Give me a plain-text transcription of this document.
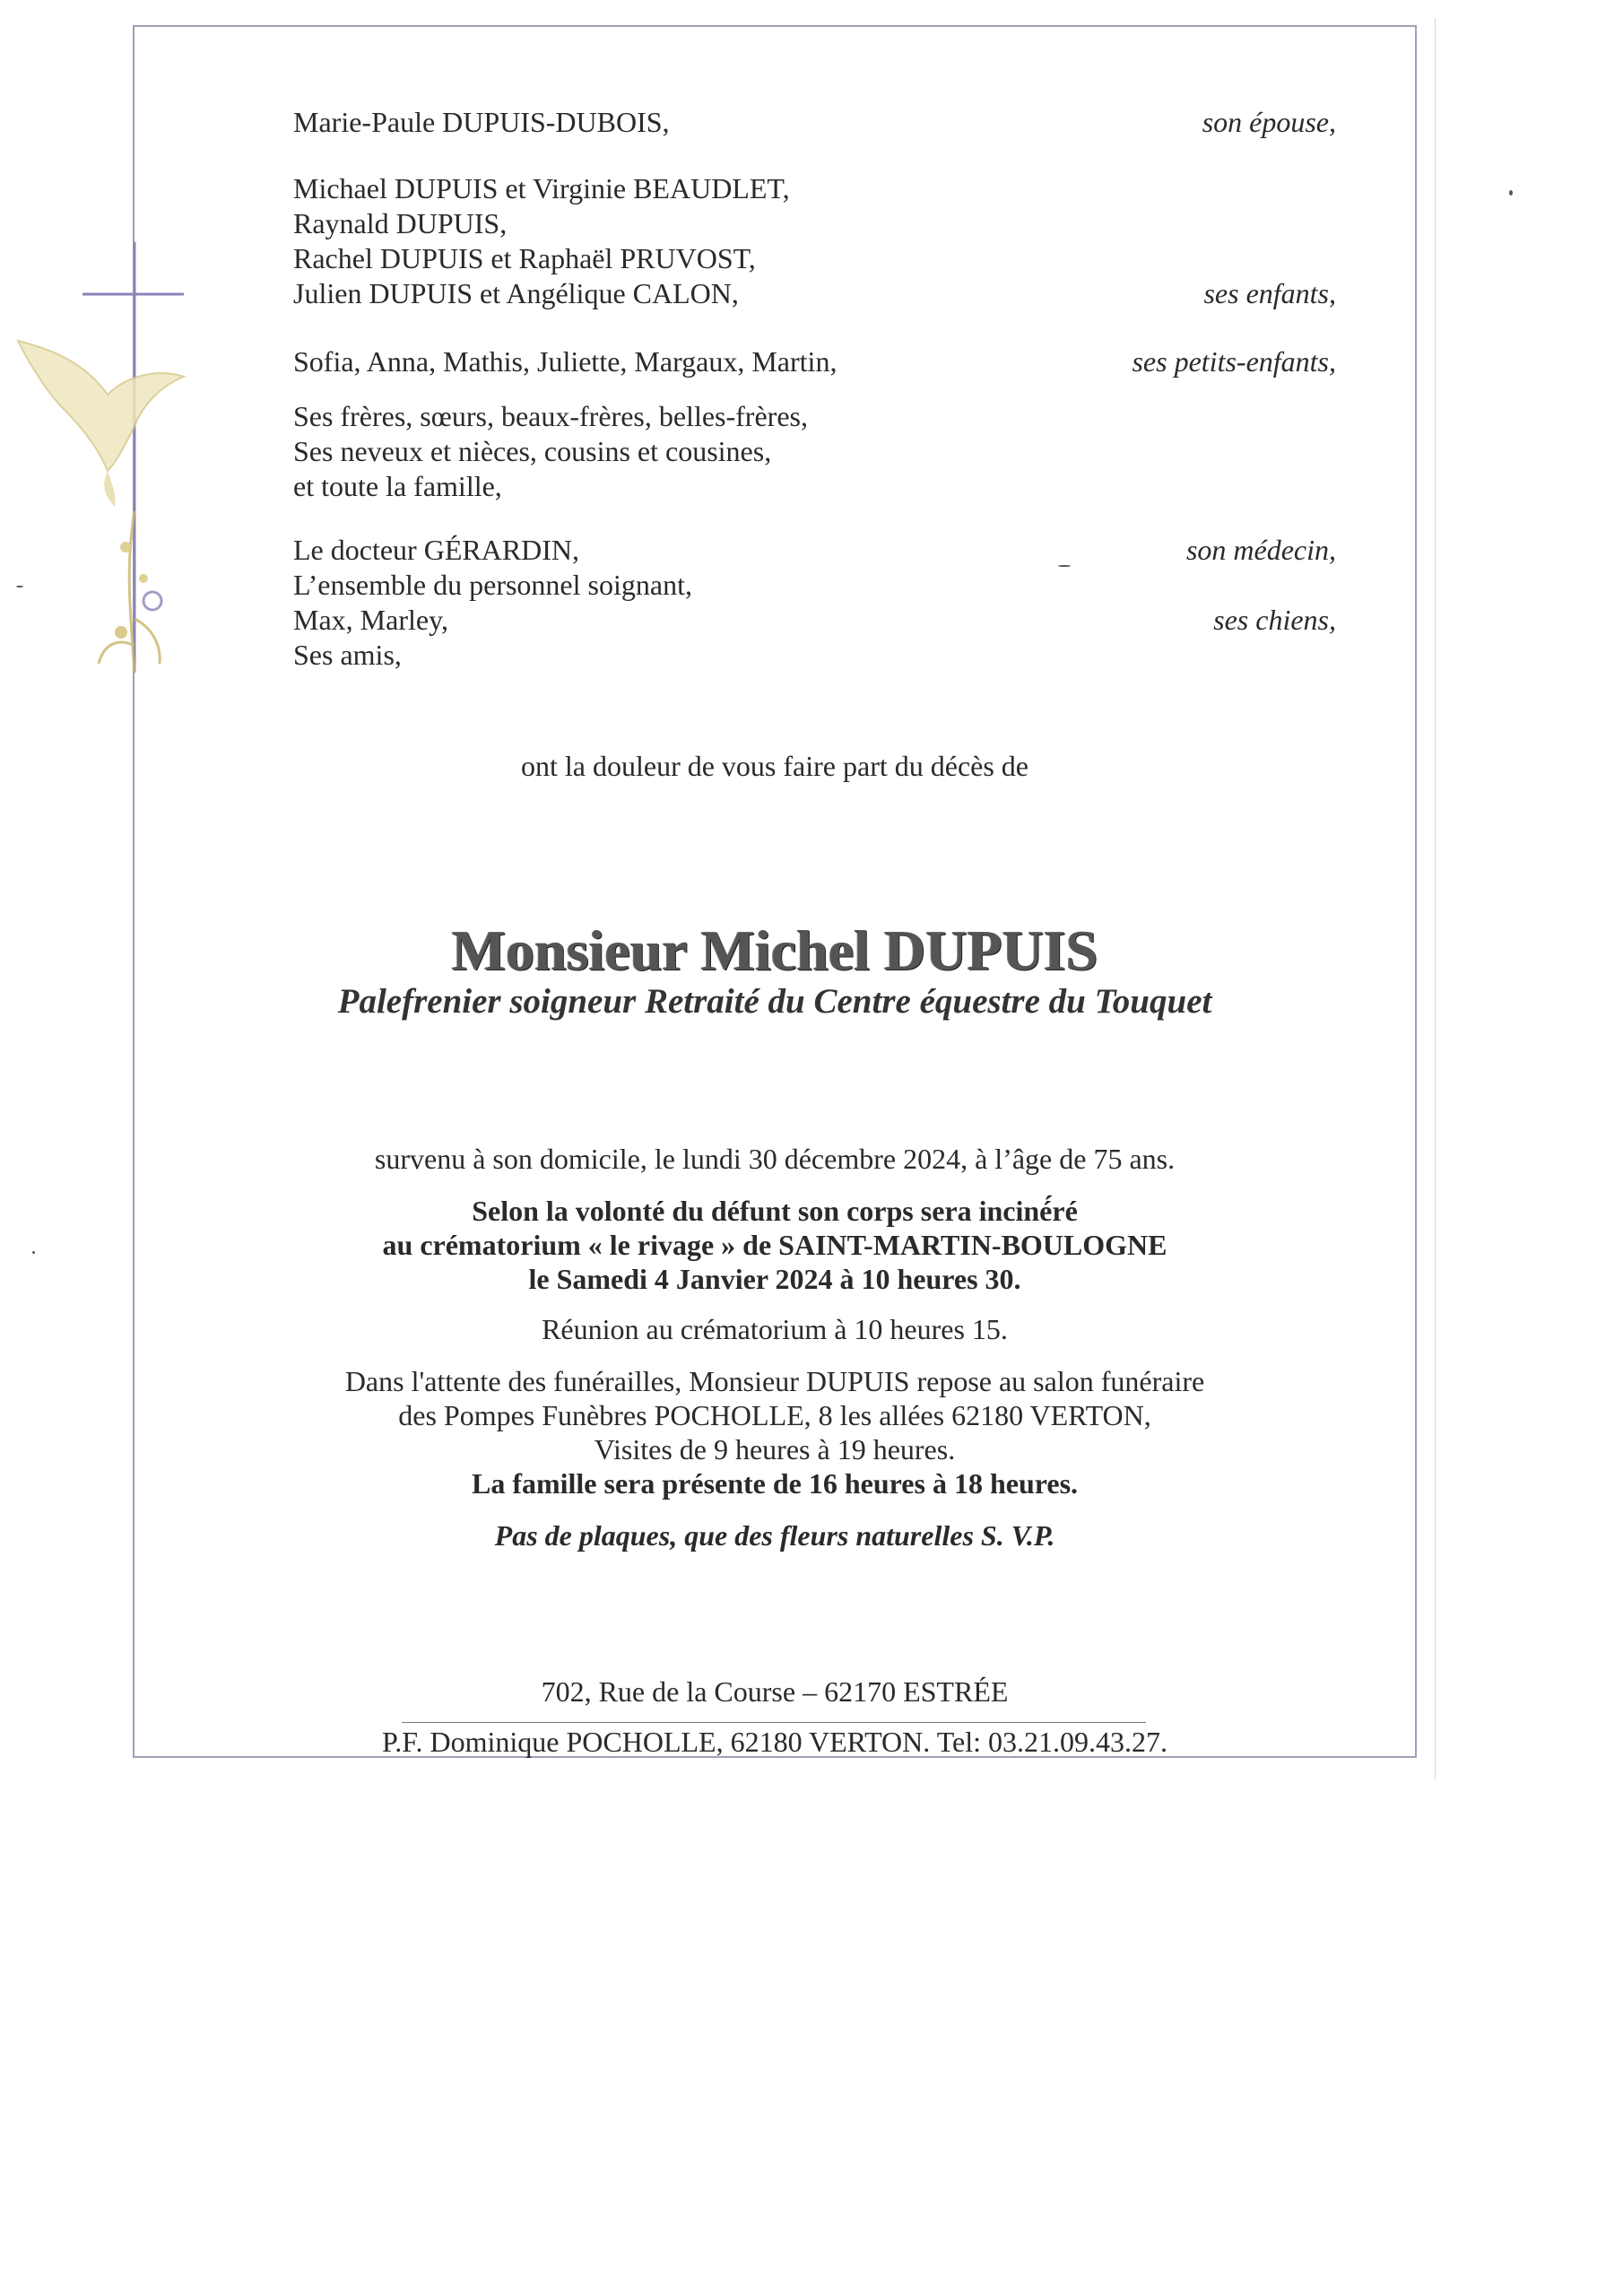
Marie-Paule DUPUIS-DUBOIS,	son épouse,
Michael DUPUIS et Virginie BEAUDLET,
Raynald DUPUIS,
Rachel DUPUIS et Raphaël PRUVOST,
Julien DUPUIS et Angélique CALON,	ses enfants,
Sofia, Anna, Mathis, Juliette, Margaux, Martin,	ses petits-enfants,
Ses frères, sœurs, beaux-frères, belles-frères,
Ses neveux et nièces, cousins et cousines,
et toute la famille,
Le docteur GÉRARDIN,	son médecin,
L’ensemble du personnel soignant,
Max, Marley,	ses chiens,
Ses amis,
ont la douleur de vous faire part du décès de
Monsieur Michel DUPUIS
Palefrenier soigneur Retraité du Centre équestre du Touquet
survenu à son domicile, le lundi 30 décembre 2024, à l’âge de 75 ans.
Selon la volonté du défunt son corps sera inciné́ré
au crématorium « le rivage » de SAINT-MARTIN-BOULOGNE
le Samedi 4 Janvier 2024 à 10 heures 30.
Réunion au crématorium à 10 heures 15.
Dans l'attente des funérailles, Monsieur DUPUIS repose au salon funéraire
des Pompes Funèbres POCHOLLE, 8 les allées 62180 VERTON,
Visites de 9 heures à 19 heures.
La famille sera présente de 16 heures à 18 heures.
Pas de plaques, que des fleurs naturelles S. V.P.
702, Rue de la Course – 62170 ESTRÉE
P.F. Dominique POCHOLLE, 62180 VERTON. Tel: 03.21.09.43.27.
